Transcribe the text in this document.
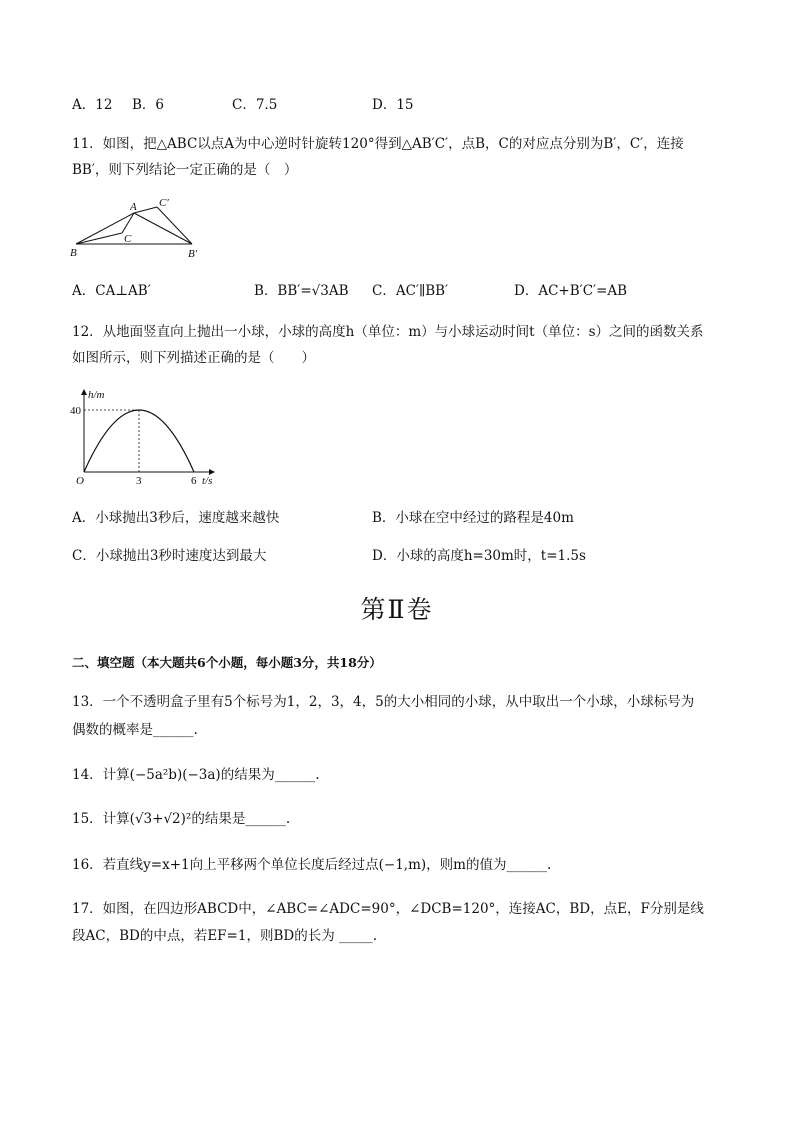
A．12 B．6	C．7.5	D．15
11．如图，把△ABC以点A为中心逆时针旋转120°得到△AB′C′，点B，C的对应点分别为B′，C′，连接
BB′，则下列结论一定正确的是（　）
A C′
C
B	B′
A．CA⊥AB′	B．BB′=√3AB C．AC′∥BB′	D．AC+B′C′=AB
12．从地面竖直向上抛出一小球，小球的高度h（单位：m）与小球运动时间t（单位：s）之间的函数关系
如图所示，则下列描述正确的是（　　）
h/m
40
O	3	6 t/s
A．小球抛出3秒后，速度越来越快	B．小球在空中经过的路程是40m
C．小球抛出3秒时速度达到最大	D．小球的高度h=30m时，t=1.5s
第Ⅱ卷
二、填空题（本大题共6个小题，每小题3分，共18分）
13．一个不透明盒子里有5个标号为1，2，3，4，5的大小相同的小球，从中取出一个小球，小球标号为
偶数的概率是______.
14．计算(−5a²b)(−3a)的结果为______.
15．计算(√3+√2)²的结果是______.
16．若直线y=x+1向上平移两个单位长度后经过点(−1,m)，则m的值为______.
17．如图，在四边形ABCD中，∠ABC=∠ADC=90°，∠DCB=120°，连接AC，BD，点E，F分别是线
段AC，BD的中点，若EF=1，则BD的长为 _____.
